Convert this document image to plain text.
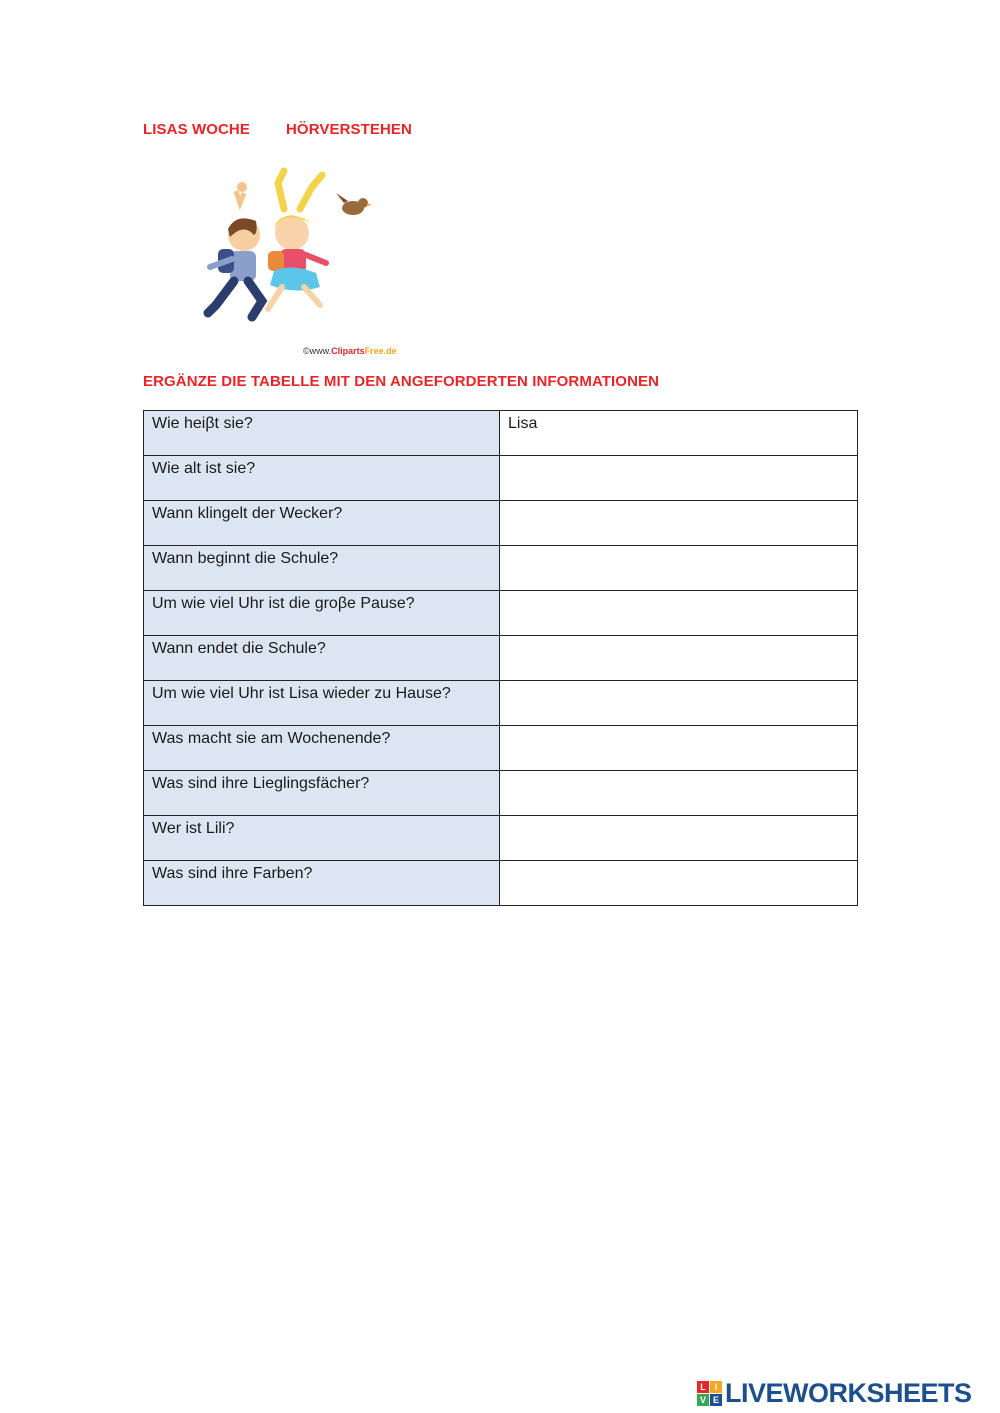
LISAS WOCHE HÖRVERSTEHEN
©www.ClipartsFree.de
ERGÄNZE DIE TABELLE MIT DEN ANGEFORDERTEN INFORMATIONEN
Wie heiβt sie?	Lisa
Wie alt ist sie?	
Wann klingelt der Wecker?	
Wann beginnt die Schule?	
Um wie viel Uhr ist die groβe Pause?	
Wann endet die Schule?	
Um wie viel Uhr ist Lisa wieder zu Hause?	
Was macht sie am Wochenende?	
Was sind ihre Lieglingsfächer?	
Wer ist Lili?	
Was sind ihre Farben?	
L I
V E LIVEWORKSHEETS
